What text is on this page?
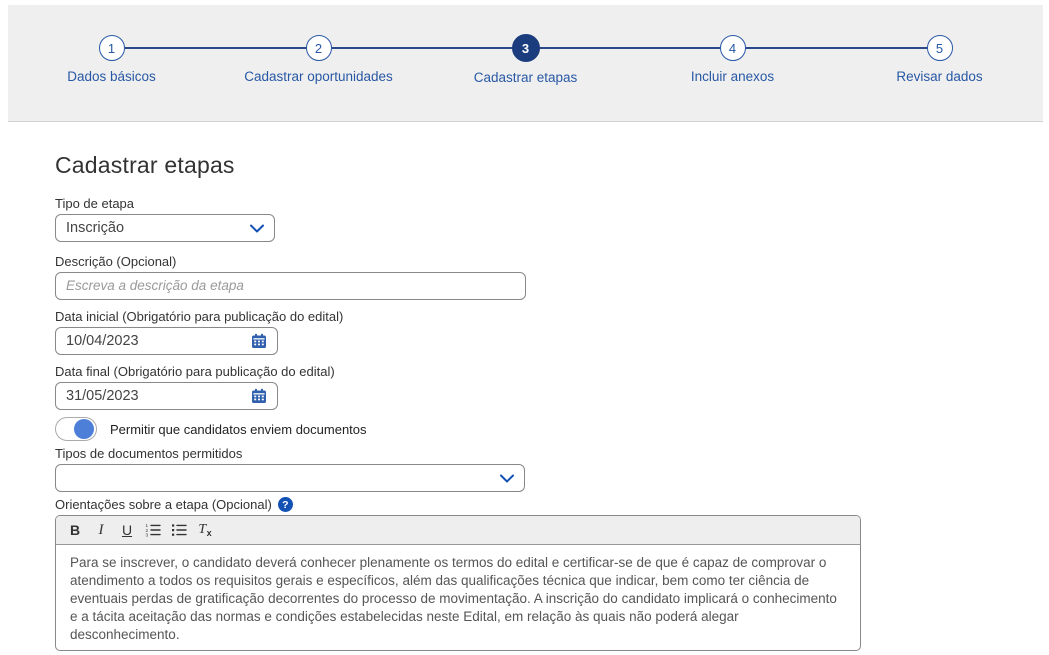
1
Dados básicos
2
Cadastrar oportunidades
3
Cadastrar etapas
4
Incluir anexos
5
Revisar dados
Cadastrar etapas
Tipo de etapa
Inscrição
Descrição (Opcional)
Escreva a descrição da etapa
Data inicial (Obrigatório para publicação do edital)
10/04/2023
Data final (Obrigatório para publicação do edital)
31/05/2023
Permitir que candidatos enviem documentos
Tipos de documentos permitidos
Orientações sobre a etapa (Opcional) ?
B	I	U	1
2
3	T x
Para se inscrever, o candidato deverá conhecer plenamente os termos do edital e certificar-se de que é capaz de comprovar o atendimento a todos os requisitos gerais e específicos, além das qualificações técnica que indicar, bem como ter ciência de eventuais perdas de gratificação decorrentes do processo de movimentação. A inscrição do candidato implicará o conhecimento e a tácita aceitação das normas e condições estabelecidas neste Edital, em relação às quais não poderá alegar desconhecimento.
